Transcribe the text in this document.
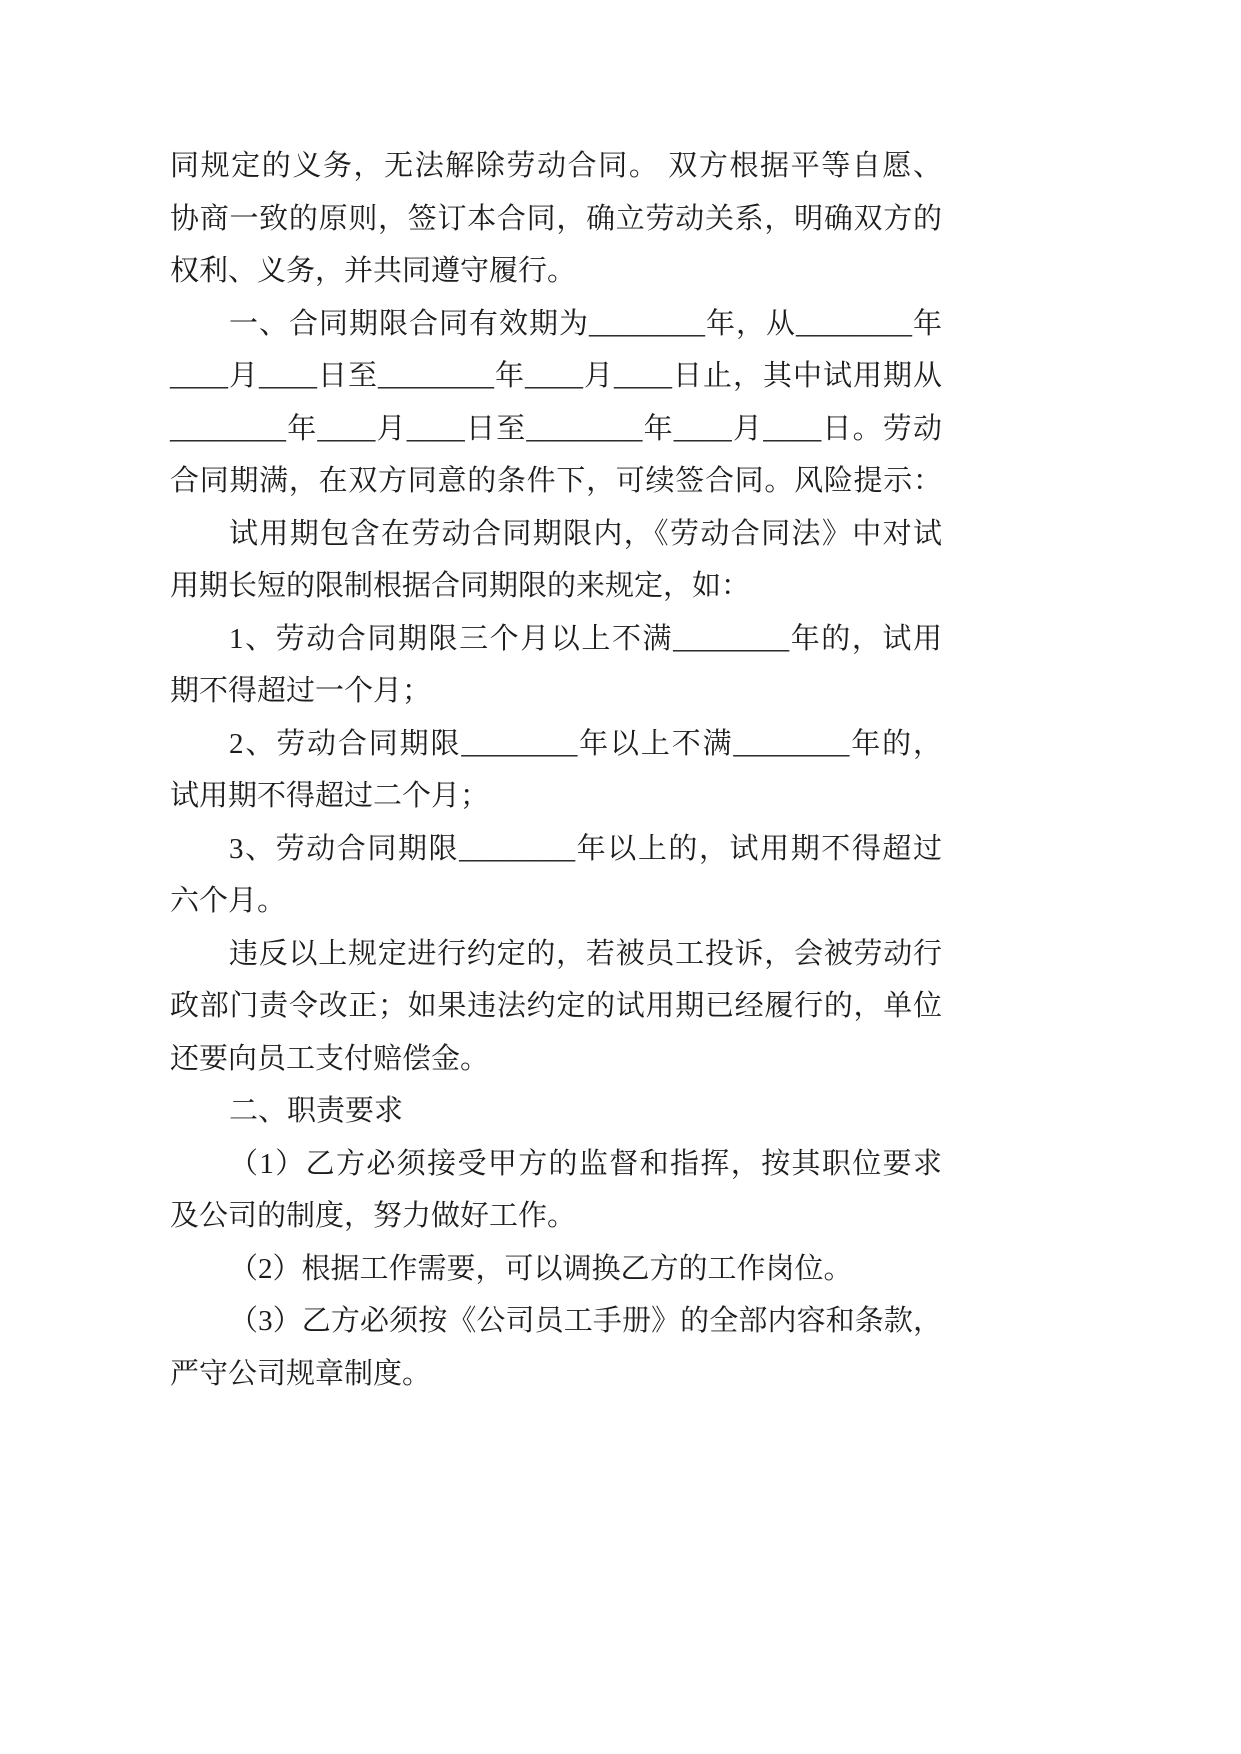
同规定的义务，无法解除劳动合同。 双方根据平等自愿、
协商一致的原则，签订本合同，确立劳动关系，明确双方的
权利、义务，并共同遵守履行。
一、合同期限合同有效期为________年，从________年
____月____日至________年____月____日止，其中试用期从
________年____月____日至________年____月____日。劳动
合同期满，在双方同意的条件下，可续签合同。风险提示：
试用期包含在劳动合同期限内，《劳动合同法》中对试
用期长短的限制根据合同期限的来规定，如：
1、劳动合同期限三个月以上不满________年的，试用
期不得超过一个月；
2、劳动合同期限________年以上不满________年的，
试用期不得超过二个月；
3、劳动合同期限________年以上的，试用期不得超过
六个月。
违反以上规定进行约定的，若被员工投诉，会被劳动行
政部门责令改正；如果违法约定的试用期已经履行的，单位
还要向员工支付赔偿金。
二、职责要求
（1）乙方必须接受甲方的监督和指挥，按其职位要求
及公司的制度，努力做好工作。
（2）根据工作需要，可以调换乙方的工作岗位。
（3）乙方必须按《公司员工手册》的全部内容和条款，
严守公司规章制度。
